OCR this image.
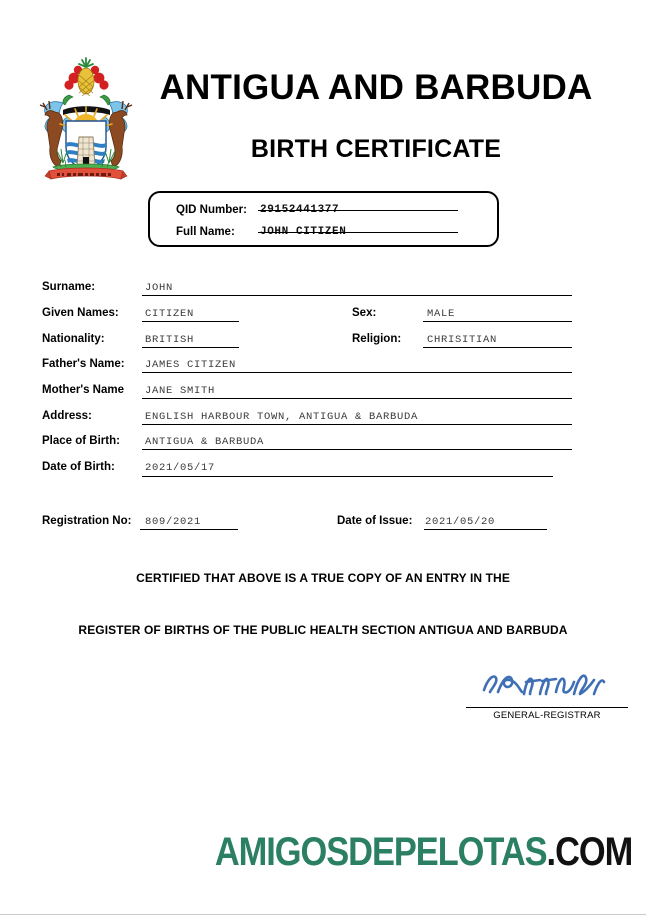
ANTIGUA AND BARBUDA
BIRTH CERTIFICATE
QID Number: 29152441377
Full Name: JOHN CITIZEN
Surname:	JOHN
Given Names:	CITIZEN	Sex:	MALE
Nationality:	BRITISH	Religion: CHRISITIAN
Father's Name: JAMES CITIZEN
Mother's Name JANE SMITH
Address:	ENGLISH HARBOUR TOWN, ANTIGUA & BARBUDA
Place of Birth: ANTIGUA & BARBUDA
Date of Birth:	2021/05/17
Registration No: 809/2021	Date of Issue: 2021/05/20
CERTIFIED THAT ABOVE IS A TRUE COPY OF AN ENTRY IN THE
REGISTER OF BIRTHS OF THE PUBLIC HEALTH SECTION ANTIGUA AND BARBUDA
GENERAL-REGISTRAR
AMIGOSDEPELOTAS.COM
